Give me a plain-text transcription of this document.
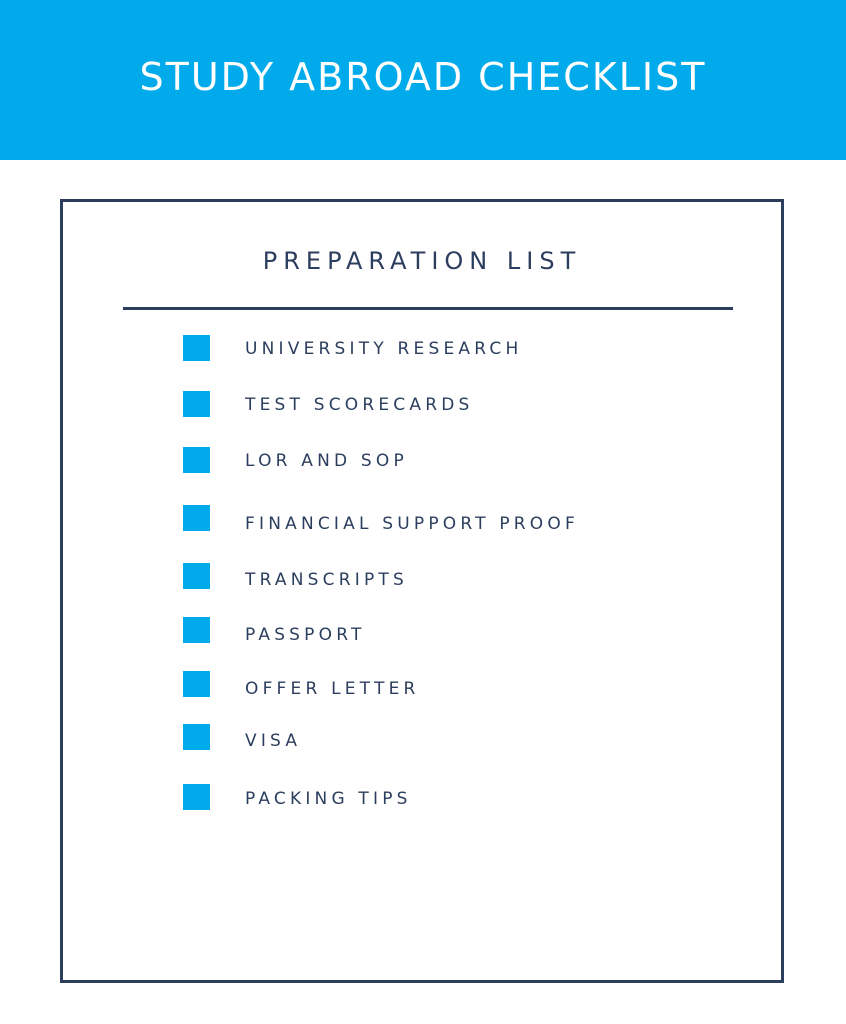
STUDY ABROAD CHECKLIST
PREPARATION LIST
UNIVERSITY RESEARCH
TEST SCORECARDS
LOR AND SOP
FINANCIAL SUPPORT PROOF
TRANSCRIPTS
PASSPORT
OFFER LETTER
VISA
PACKING TIPS
